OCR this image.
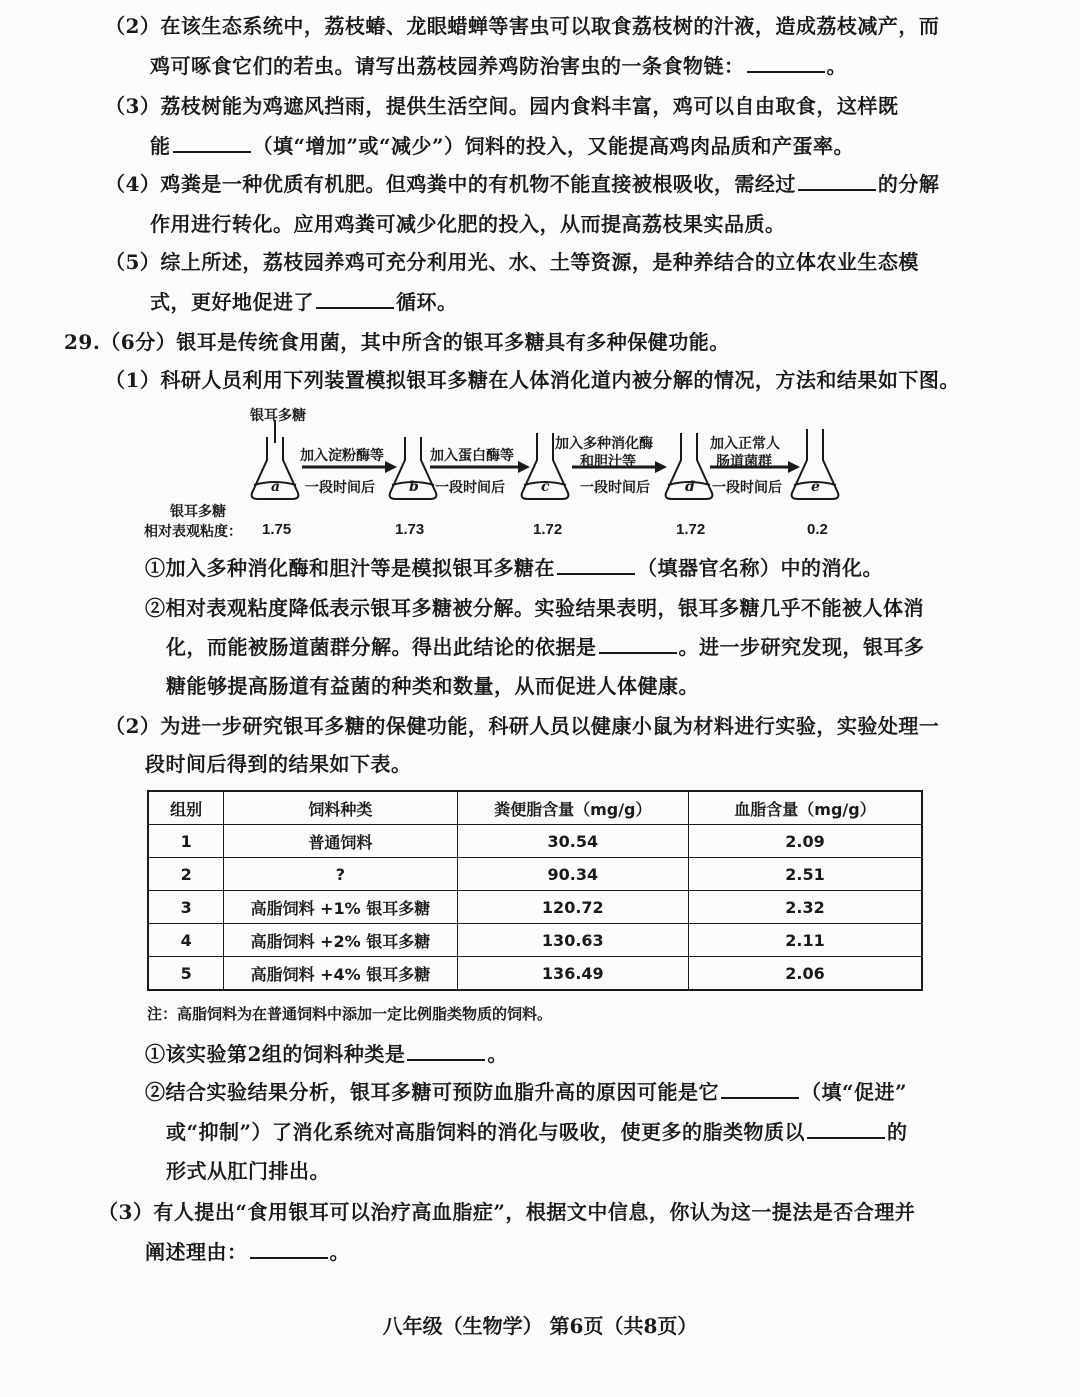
（2）在该生态系统中，荔枝蝽、龙眼蜡蝉等害虫可以取食荔枝树的汁液，造成荔枝减产，而
鸡可啄食它们的若虫。请写出荔枝园养鸡防治害虫的一条食物链：	。
（3）荔枝树能为鸡遮风挡雨，提供生活空间。园内食料丰富，鸡可以自由取食，这样既
能	（填“增加”或“减少”）饲料的投入，又能提高鸡肉品质和产蛋率。
（4）鸡粪是一种优质有机肥。但鸡粪中的有机物不能直接被根吸收，需经过	的分解
作用进行转化。应用鸡粪可减少化肥的投入，从而提高荔枝果实品质。
（5）综上所述，荔枝园养鸡可充分利用光、水、土等资源，是种养结合的立体农业生态模
式，更好地促进了	循环。
29.（6分）银耳是传统食用菌，其中所含的银耳多糖具有多种保健功能。
（1）科研人员利用下列装置模拟银耳多糖在人体消化道内被分解的情况，方法和结果如下图。
银耳多糖
加入淀粉酶等
一段时间后
加入蛋白酶等
一段时间后
加入多种消化酶
和胆汁等
一段时间后
加入正常人
肠道菌群
一段时间后
a	b	c	d	e
银耳多糖
相对表观粘度： 1.75	1.73	1.72	1.72	0.2
①加入多种消化酶和胆汁等是模拟银耳多糖在	（填器官名称）中的消化。
②相对表观粘度降低表示银耳多糖被分解。实验结果表明，银耳多糖几乎不能被人体消
化，而能被肠道菌群分解。得出此结论的依据是	。进一步研究发现，银耳多
糖能够提高肠道有益菌的种类和数量，从而促进人体健康。
（2）为进一步研究银耳多糖的保健功能，科研人员以健康小鼠为材料进行实验，实验处理一
段时间后得到的结果如下表。
组别	饲料种类	粪便脂含量（mg/g）	血脂含量（mg/g）
1	普通饲料	30.54	2.09
2	?	90.34	2.51
3	高脂饲料 +1% 银耳多糖	120.72	2.32
4	高脂饲料 +2% 银耳多糖	130.63	2.11
5	高脂饲料 +4% 银耳多糖	136.49	2.06
注：高脂饲料为在普通饲料中添加一定比例脂类物质的饲料。
①该实验第2组的饲料种类是	。
②结合实验结果分析，银耳多糖可预防血脂升高的原因可能是它	（填“促进”
或“抑制”）了消化系统对高脂饲料的消化与吸收，使更多的脂类物质以	的
形式从肛门排出。
（3）有人提出“食用银耳可以治疗高血脂症”，根据文中信息，你认为这一提法是否合理并
阐述理由：	。
八年级（生物学） 第6页（共8页）
